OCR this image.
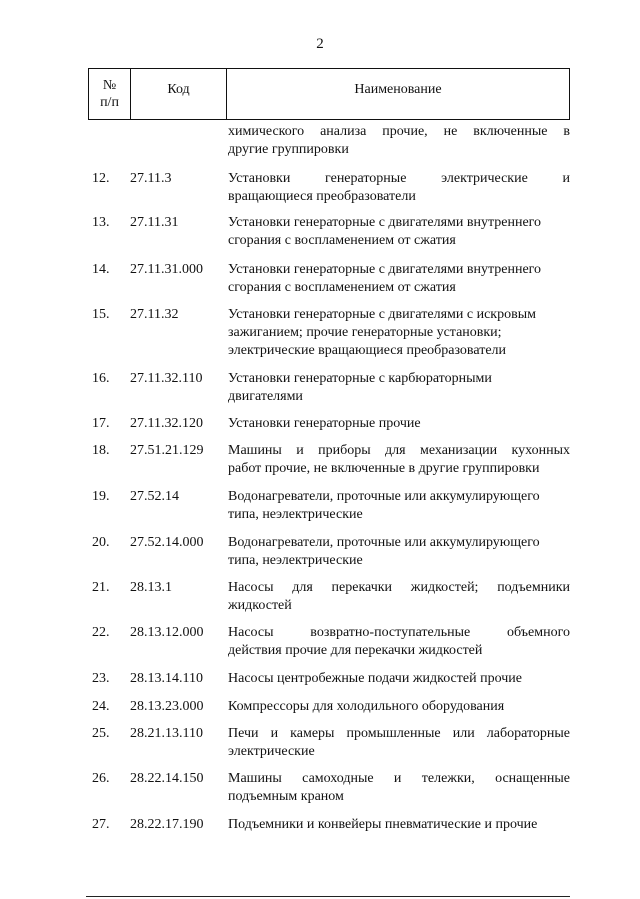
2
№
п/п
Код	Наименование
химического анализа прочие, не включенные в
другие группировки
12. 27.11.3	Установки генераторные электрические и
вращающиеся преобразователи
13. 27.11.31	Установки генераторные с двигателями внутреннего
сгорания с воспламенением от сжатия
14. 27.11.31.000 Установки генераторные с двигателями внутреннего
сгорания с воспламенением от сжатия
15. 27.11.32	Установки генераторные с двигателями с искровым
зажиганием; прочие генераторные установки;
электрические вращающиеся преобразователи
16. 27.11.32.110 Установки генераторные с карбюраторными
двигателями
17. 27.11.32.120 Установки генераторные прочие
18. 27.51.21.129 Машины и приборы для механизации кухонных
работ прочие, не включенные в другие группировки
19. 27.52.14	Водонагреватели, проточные или аккумулирующего
типа, неэлектрические
20. 27.52.14.000 Водонагреватели, проточные или аккумулирующего
типа, неэлектрические
21. 28.13.1	Насосы для перекачки жидкостей; подъемники
жидкостей
22. 28.13.12.000 Насосы возвратно-поступательные объемного
действия прочие для перекачки жидкостей
23. 28.13.14.110 Насосы центробежные подачи жидкостей прочие
24. 28.13.23.000 Компрессоры для холодильного оборудования
25. 28.21.13.110 Печи и камеры промышленные или лабораторные
электрические
26. 28.22.14.150 Машины самоходные и тележки, оснащенные
подъемным краном
27. 28.22.17.190 Подъемники и конвейеры пневматические и прочие
